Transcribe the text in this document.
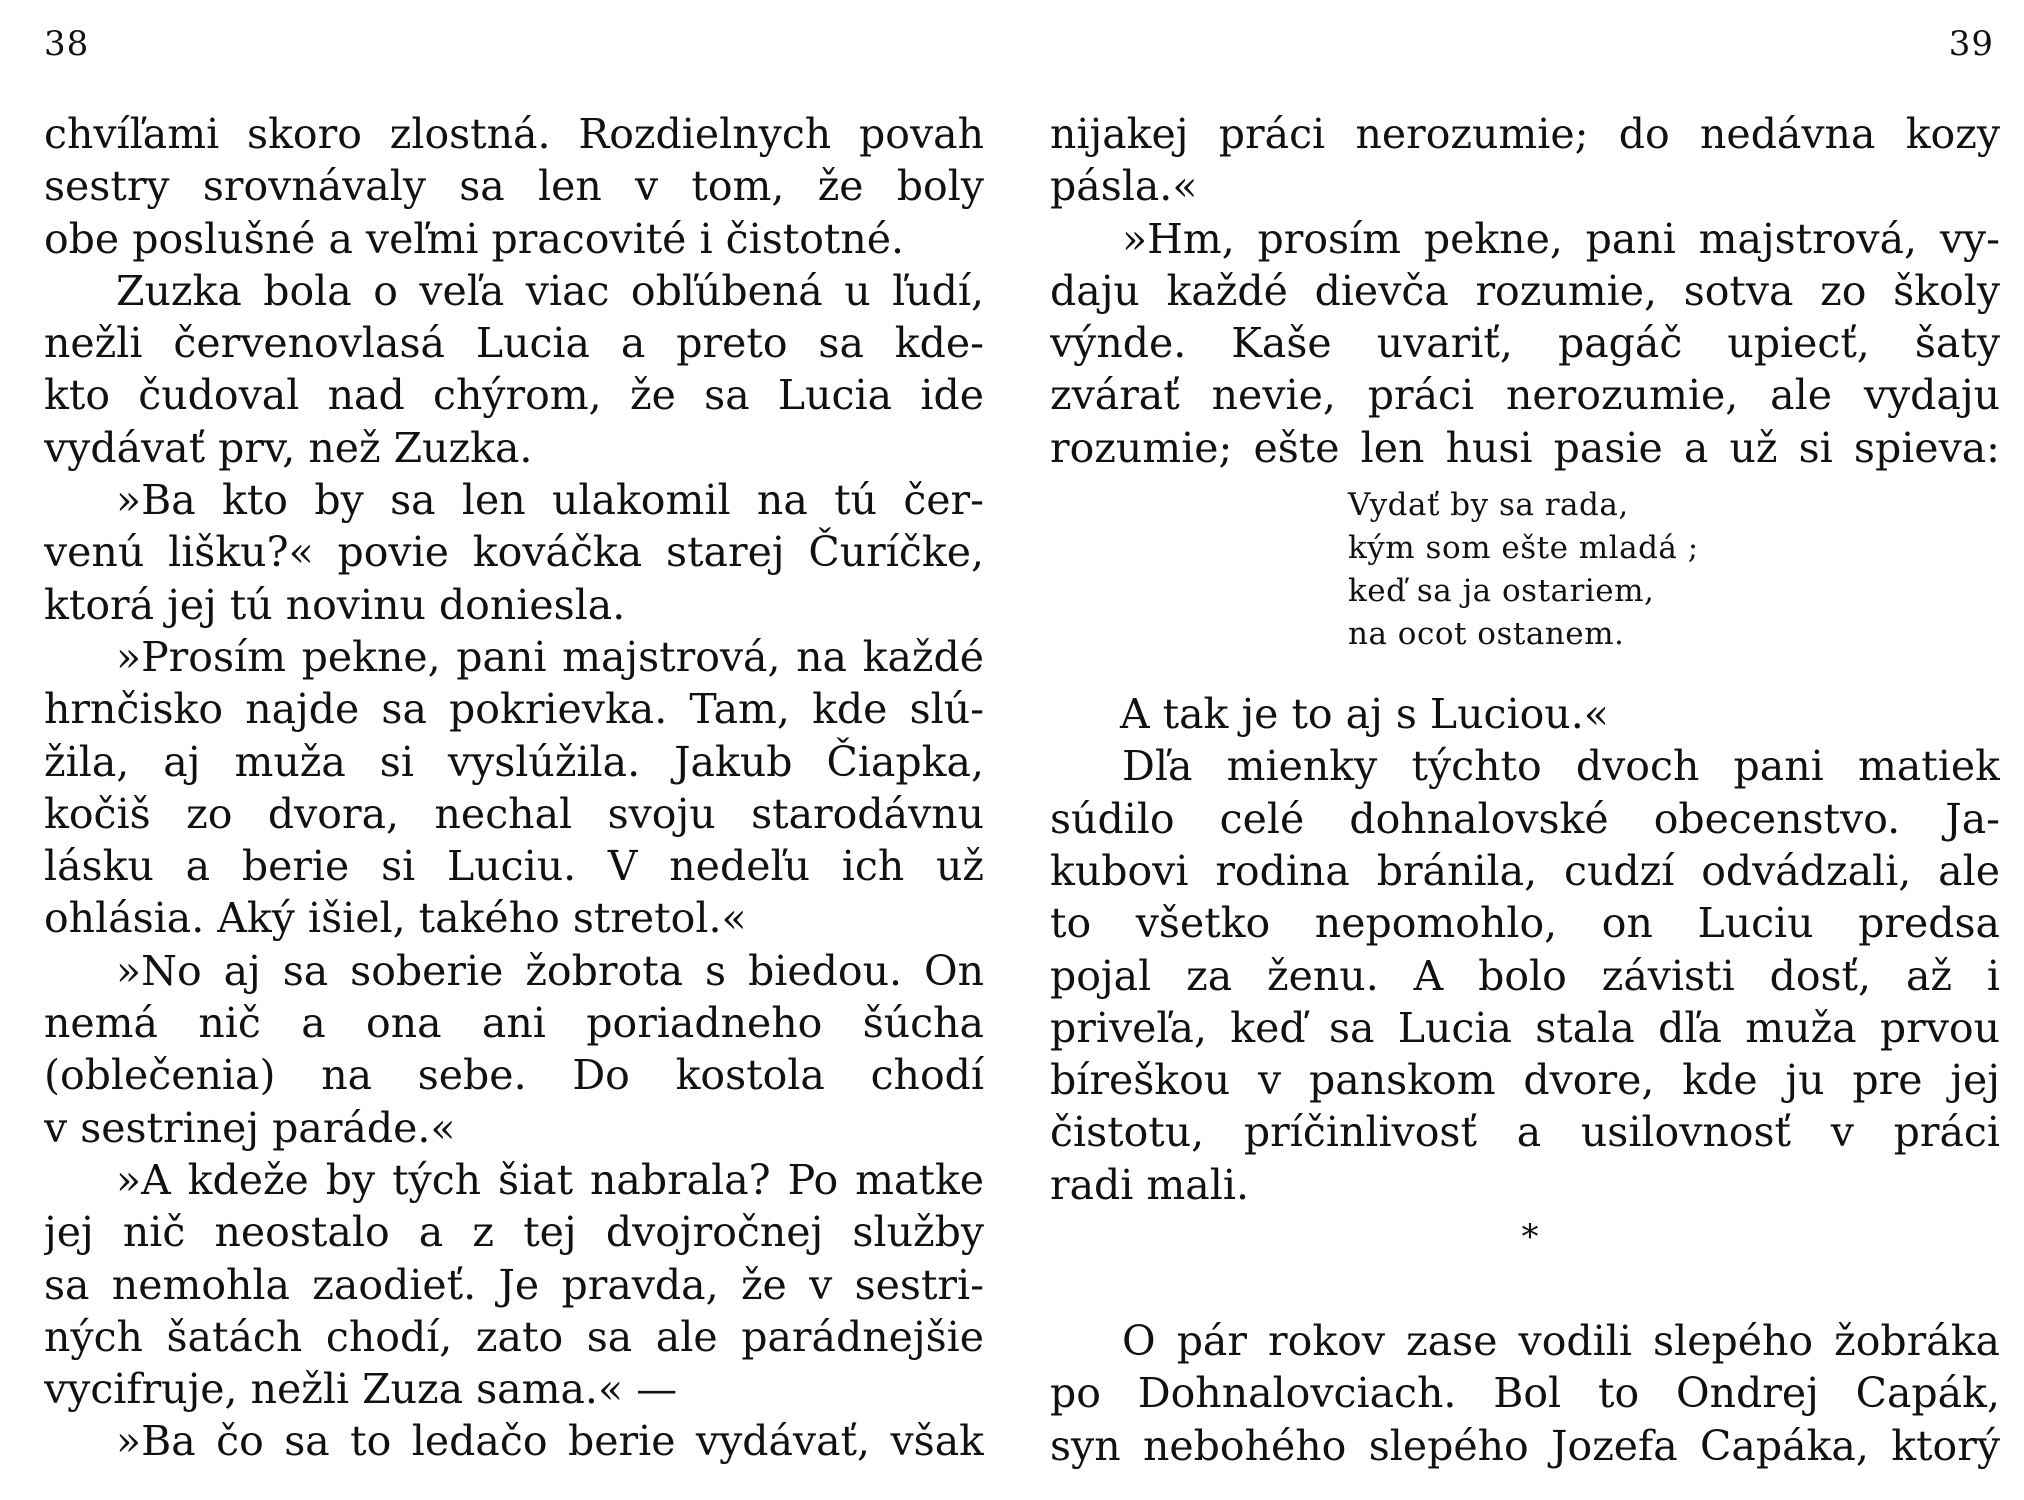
38
chvíľami skoro zlostná. Rozdielnych povah
sestry srovnávaly sa len v tom, že boly
obe poslušné a veľmi pracovité i čistotné.
Zuzka bola o veľa viac obľúbená u ľudí,
nežli červenovlasá Lucia a preto sa kde-
kto čudoval nad chýrom, že sa Lucia ide
vydávať prv, než Zuzka.
»Ba kto by sa len ulakomil na tú čer-
venú lišku?« povie kováčka starej Čuríčke,
ktorá jej tú novinu doniesla.
»Prosím pekne, pani majstrová, na každé
hrnčisko najde sa pokrievka. Tam, kde slú-
žila, aj muža si vyslúžila. Jakub Čiapka,
kočiš zo dvora, nechal svoju starodávnu
lásku a berie si Luciu. V nedeľu ich už
ohlásia. Aký išiel, takého stretol.«
»No aj sa soberie žobrota s biedou. On
nemá nič a ona ani poriadneho šúcha
(oblečenia) na sebe. Do kostola chodí
v sestrinej paráde.«
»A kdeže by tých šiat nabrala? Po matke
jej nič neostalo a z tej dvojročnej služby
sa nemohla zaodieť. Je pravda, že v sestri-
ných šatách chodí, zato sa ale parádnejšie
vycifruje, nežli Zuza sama.« —
»Ba čo sa to ledačo berie vydávať, však
39
nijakej práci nerozumie; do nedávna kozy
pásla.«
»Hm, prosím pekne, pani majstrová, vy-
daju každé dievča rozumie, sotva zo školy
výnde. Kaše uvariť, pagáč upiecť, šaty
zvárať nevie, práci nerozumie, ale vydaju
rozumie; ešte len husi pasie a už si spieva:
Vydať by sa rada,
kým som ešte mladá ;
keď sa ja ostariem,
na ocot ostanem.
A tak je to aj s Luciou.«
Dľa mienky týchto dvoch pani matiek
súdilo celé dohnalovské obecenstvo. Ja-
kubovi rodina bránila, cudzí odvádzali, ale
to všetko nepomohlo, on Luciu predsa
pojal za ženu. A bolo závisti dosť, až i
priveľa, keď sa Lucia stala dľa muža prvou
bíreškou v panskom dvore, kde ju pre jej
čistotu, príčinlivosť a usilovnosť v práci
radi mali.
*
O pár rokov zase vodili slepého žobráka
po Dohnalovciach. Bol to Ondrej Capák,
syn nebohého slepého Jozefa Capáka, ktorý
